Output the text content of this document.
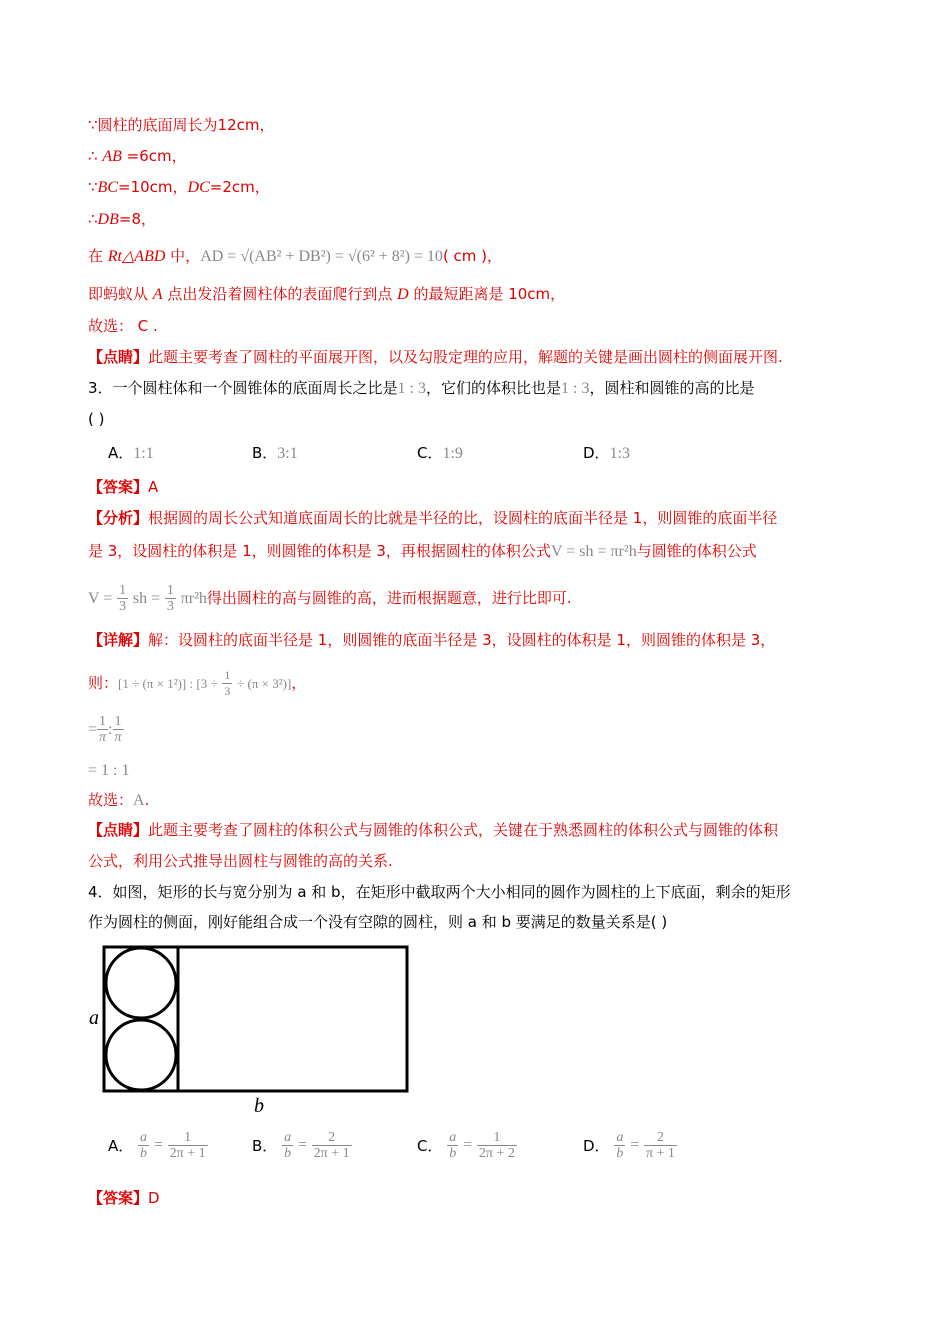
∵圆柱的底面周长为12cm，
∴ AB =6cm，
∵BC=10cm，DC=2cm，
∴DB=8，
在 Rt△ABD 中，AD = √(AB² + DB²) = √(6² + 8²) = 10( cm )，
即蚂蚁从 A 点出发沿着圆柱体的表面爬行到点 D 的最短距离是 10cm，
故选： C .
【点睛】此题主要考查了圆柱的平面展开图，以及勾股定理的应用，解题的关键是画出圆柱的侧面展开图.
3．一个圆柱体和一个圆锥体的底面周长之比是1 : 3，它们的体积比也是1 : 3，圆柱和圆锥的高的比是
( )
A．1:1	B．3:1	C．1:9	D．1:3
【答案】A
【分析】根据圆的周长公式知道底面周长的比就是半径的比，设圆柱的底面半径是 1，则圆锥的底面半径
是 3，设圆柱的体积是 1，则圆锥的体积是 3，再根据圆柱的体积公式V = sh = πr²h与圆锥的体积公式
$V = \frac{1}{3}$ sh = $\frac{1}{3} \pi r^2h$得出圆柱的高与圆锥的高，进而根据题意，进行比即可.
【详解】解：设圆柱的底面半径是 1，则圆锥的底面半径是 3，设圆柱的体积是 1，则圆锥的体积是 3，
则：[1 ÷ (π × 1²)] : $[3 \div \frac{1}{3} \div (\pi \times 3^2)]$，
= $\frac{1}{\pi}$ : $\frac{1}{\pi}$
= 1 : 1
故选：A.
【点睛】此题主要考查了圆柱的体积公式与圆锥的体积公式，关键在于熟悉圆柱的体积公式与圆锥的体积
公式，利用公式推导出圆柱与圆锥的高的关系.
4．如图，矩形的长与宽分别为 a 和 b，在矩形中截取两个大小相同的圆作为圆柱的上下底面，剩余的矩形
作为圆柱的侧面，刚好能组合成一个没有空隙的圆柱，则 a 和 b 要满足的数量关系是( )
a
b
A． $\frac{a}{b} = \frac{1}{2\pi + 1}$	B． $\frac{a}{b} = \frac{2}{2\pi + 1}$	C． $\frac{a}{b} = \frac{1}{2\pi + 2}$	D． $\frac{a}{b} = \frac{2}{\pi + 1}$
【答案】D
